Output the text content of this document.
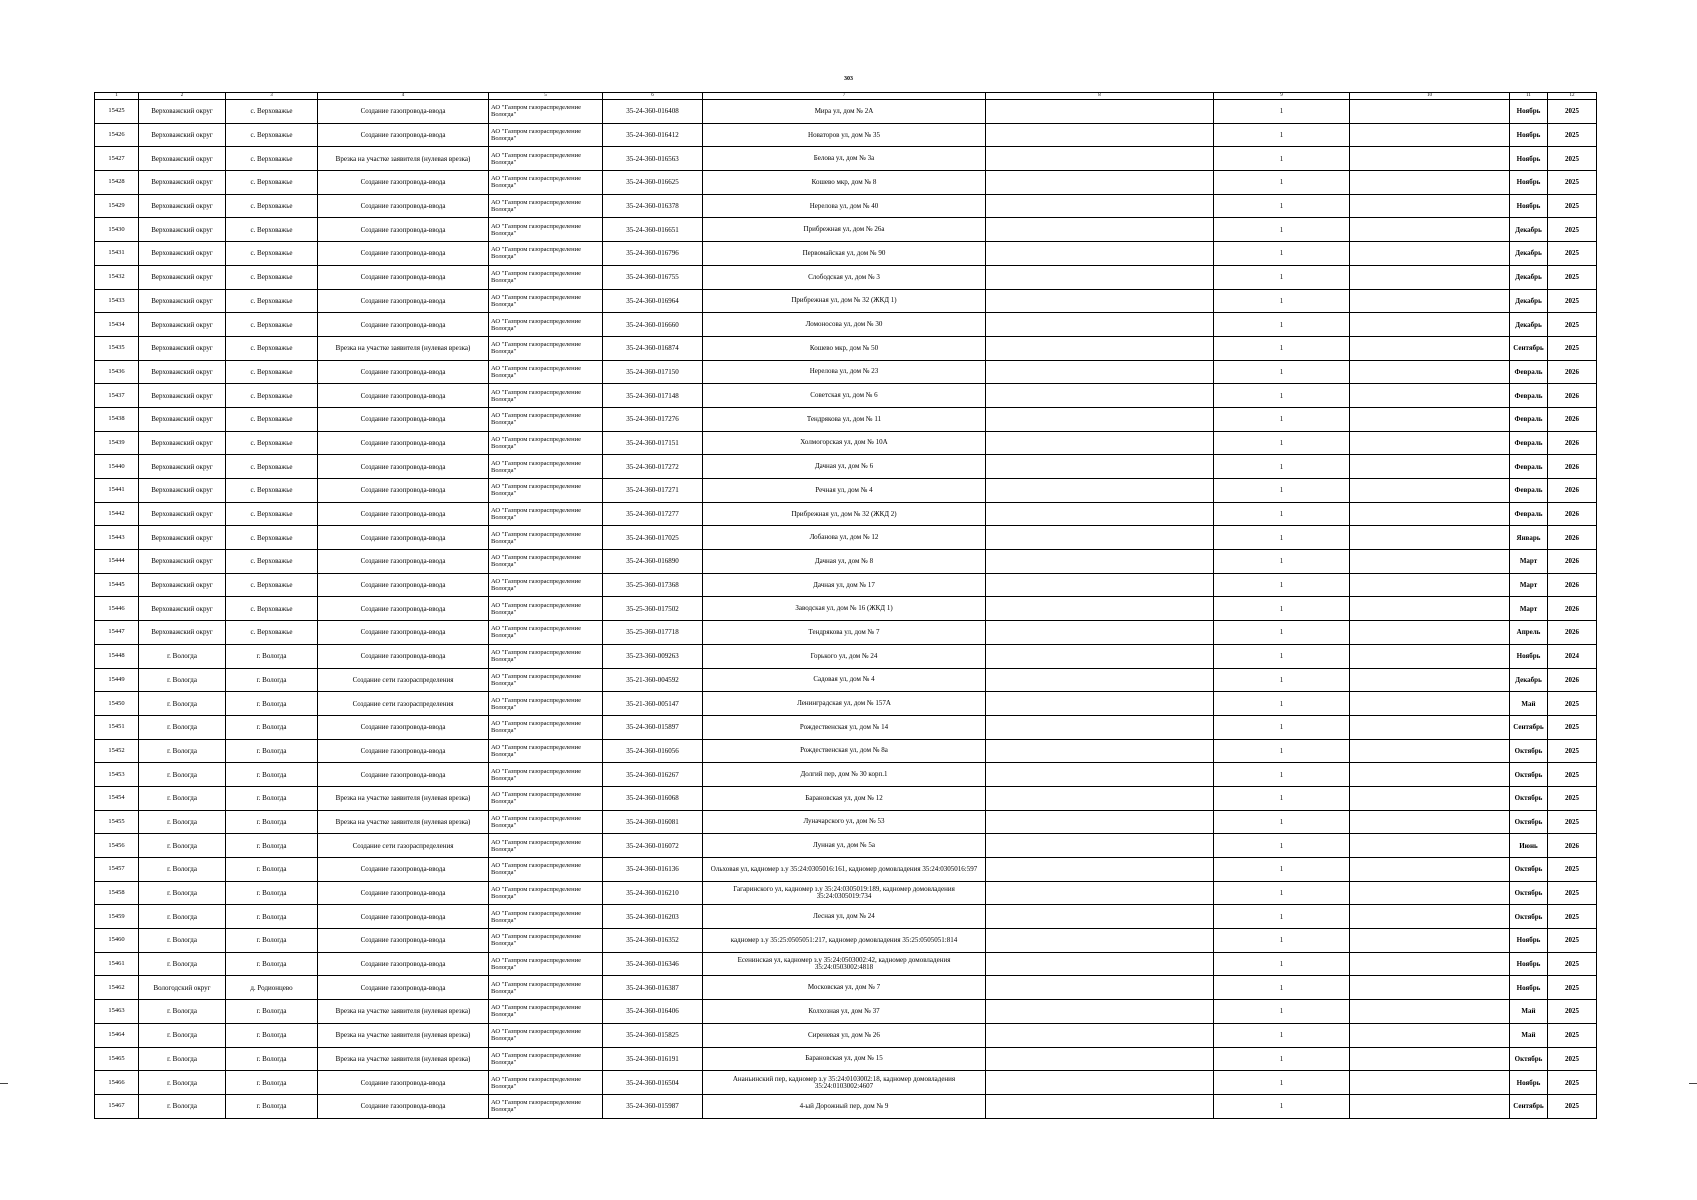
303
1	2	3	4	5	6	7	8	9	10	11	12
15425	Верховажский округ	с. Верховажье	Создание газопровода-ввода	АО "Газпром газораспределение Вологда"	35-24-360-016408	Мира ул, дом № 2А		1		Ноябрь	2025
15426	Верховажский округ	с. Верховажье	Создание газопровода-ввода	АО "Газпром газораспределение Вологда"	35-24-360-016412	Новаторов ул, дом № 35		1		Ноябрь	2025
15427	Верховажский округ	с. Верховажье	Врезка на участке заявителя (нулевая врезка)	АО "Газпром газораспределение Вологда"	35-24-360-016563	Белова ул, дом № 3а		1		Ноябрь	2025
15428	Верховажский округ	с. Верховажье	Создание газопровода-ввода	АО "Газпром газораспределение Вологда"	35-24-360-016625	Кошево мкр, дом № 8		1		Ноябрь	2025
15429	Верховажский округ	с. Верховажье	Создание газопровода-ввода	АО "Газпром газораспределение Вологда"	35-24-360-016378	Нерелова ул, дом № 40		1		Ноябрь	2025
15430	Верховажский округ	с. Верховажье	Создание газопровода-ввода	АО "Газпром газораспределение Вологда"	35-24-360-016651	Прибрежная ул, дом № 26а		1		Декабрь	2025
15431	Верховажский округ	с. Верховажье	Создание газопровода-ввода	АО "Газпром газораспределение Вологда"	35-24-360-016796	Первомайская ул, дом № 90		1		Декабрь	2025
15432	Верховажский округ	с. Верховажье	Создание газопровода-ввода	АО "Газпром газораспределение Вологда"	35-24-360-016755	Слободская ул, дом № 3		1		Декабрь	2025
15433	Верховажский округ	с. Верховажье	Создание газопровода-ввода	АО "Газпром газораспределение Вологда"	35-24-360-016964	Прибрежная ул, дом № 32 (ЖКД 1)		1		Декабрь	2025
15434	Верховажский округ	с. Верховажье	Создание газопровода-ввода	АО "Газпром газораспределение Вологда"	35-24-360-016660	Ломоносова ул, дом № 30		1		Декабрь	2025
15435	Верховажский округ	с. Верховажье	Врезка на участке заявителя (нулевая врезка)	АО "Газпром газораспределение Вологда"	35-24-360-016874	Кошево мкр, дом № 50		1		Сентябрь	2025
15436	Верховажский округ	с. Верховажье	Создание газопровода-ввода	АО "Газпром газораспределение Вологда"	35-24-360-017150	Нерелова ул, дом № 23		1		Февраль	2026
15437	Верховажский округ	с. Верховажье	Создание газопровода-ввода	АО "Газпром газораспределение Вологда"	35-24-360-017148	Советская ул, дом № 6		1		Февраль	2026
15438	Верховажский округ	с. Верховажье	Создание газопровода-ввода	АО "Газпром газораспределение Вологда"	35-24-360-017276	Тендрякова ул, дом № 11		1		Февраль	2026
15439	Верховажский округ	с. Верховажье	Создание газопровода-ввода	АО "Газпром газораспределение Вологда"	35-24-360-017151	Холмогорская ул, дом № 10А		1		Февраль	2026
15440	Верховажский округ	с. Верховажье	Создание газопровода-ввода	АО "Газпром газораспределение Вологда"	35-24-360-017272	Дачная ул, дом № 6		1		Февраль	2026
15441	Верховажский округ	с. Верховажье	Создание газопровода-ввода	АО "Газпром газораспределение Вологда"	35-24-360-017271	Речная ул, дом № 4		1		Февраль	2026
15442	Верховажский округ	с. Верховажье	Создание газопровода-ввода	АО "Газпром газораспределение Вологда"	35-24-360-017277	Прибрежная ул, дом № 32 (ЖКД 2)		1		Февраль	2026
15443	Верховажский округ	с. Верховажье	Создание газопровода-ввода	АО "Газпром газораспределение Вологда"	35-24-360-017025	Лобанова ул, дом № 12		1		Январь	2026
15444	Верховажский округ	с. Верховажье	Создание газопровода-ввода	АО "Газпром газораспределение Вологда"	35-24-360-016890	Дачная ул, дом № 8		1		Март	2026
15445	Верховажский округ	с. Верховажье	Создание газопровода-ввода	АО "Газпром газораспределение Вологда"	35-25-360-017368	Дачная ул, дом № 17		1		Март	2026
15446	Верховажский округ	с. Верховажье	Создание газопровода-ввода	АО "Газпром газораспределение Вологда"	35-25-360-017502	Заводская ул, дом № 16 (ЖКД 1)		1		Март	2026
15447	Верховажский округ	с. Верховажье	Создание газопровода-ввода	АО "Газпром газораспределение Вологда"	35-25-360-017718	Тендрякова ул, дом № 7		1		Апрель	2026
15448	г. Вологда	г. Вологда	Создание газопровода-ввода	АО "Газпром газораспределение Вологда"	35-23-360-009263	Горького ул, дом № 24		1		Ноябрь	2024
15449	г. Вологда	г. Вологда	Создание сети газораспределения	АО "Газпром газораспределение Вологда"	35-21-360-004592	Садовая ул, дом № 4		1		Декабрь	2026
15450	г. Вологда	г. Вологда	Создание сети газораспределения	АО "Газпром газораспределение Вологда"	35-21-360-005147	Ленинградская ул, дом № 157А		1		Май	2025
15451	г. Вологда	г. Вологда	Создание газопровода-ввода	АО "Газпром газораспределение Вологда"	35-24-360-015897	Рождественская ул, дом № 14		1		Сентябрь	2025
15452	г. Вологда	г. Вологда	Создание газопровода-ввода	АО "Газпром газораспределение Вологда"	35-24-360-016056	Рождественская ул, дом № 8а		1		Октябрь	2025
15453	г. Вологда	г. Вологда	Создание газопровода-ввода	АО "Газпром газораспределение Вологда"	35-24-360-016267	Долгий пер, дом № 30 корп.1		1		Октябрь	2025
15454	г. Вологда	г. Вологда	Врезка на участке заявителя (нулевая врезка)	АО "Газпром газораспределение Вологда"	35-24-360-016068	Барановская ул, дом № 12		1		Октябрь	2025
15455	г. Вологда	г. Вологда	Врезка на участке заявителя (нулевая врезка)	АО "Газпром газораспределение Вологда"	35-24-360-016081	Луначарского ул, дом № 53		1		Октябрь	2025
15456	г. Вологда	г. Вологда	Создание сети газораспределения	АО "Газпром газораспределение Вологда"	35-24-360-016072	Лунная ул, дом № 5а		1		Июнь	2026
15457	г. Вологда	г. Вологда	Создание газопровода-ввода	АО "Газпром газораспределение Вологда"	35-24-360-016136	Ольховая ул, кадномер з.у 35:24:0305016:161, кадномер домовладения 35:24:0305016:597		1		Октябрь	2025
15458	г. Вологда	г. Вологда	Создание газопровода-ввода	АО "Газпром газораспределение Вологда"	35-24-360-016210	Гагаринского ул, кадномер з.у 35:24:0305019:189, кадномер домовладения 35:24:0305019:734		1		Октябрь	2025
15459	г. Вологда	г. Вологда	Создание газопровода-ввода	АО "Газпром газораспределение Вологда"	35-24-360-016203	Лесная ул, дом № 24		1		Октябрь	2025
15460	г. Вологда	г. Вологда	Создание газопровода-ввода	АО "Газпром газораспределение Вологда"	35-24-360-016352	кадномер з.у 35:25:0505051:217, кадномер домовладения 35:25:0505051:814		1		Ноябрь	2025
15461	г. Вологда	г. Вологда	Создание газопровода-ввода	АО "Газпром газораспределение Вологда"	35-24-360-016346	Есенинская ул, кадномер з.у 35:24:0503002:42, кадномер домовладения 35:24:0503002:4818		1		Ноябрь	2025
15462	Вологодский округ	д. Родионцево	Создание газопровода-ввода	АО "Газпром газораспределение Вологда"	35-24-360-016387	Московская ул, дом № 7		1		Ноябрь	2025
15463	г. Вологда	г. Вологда	Врезка на участке заявителя (нулевая врезка)	АО "Газпром газораспределение Вологда"	35-24-360-016406	Колхозная ул, дом № 37		1		Май	2025
15464	г. Вологда	г. Вологда	Врезка на участке заявителя (нулевая врезка)	АО "Газпром газораспределение Вологда"	35-24-360-015825	Сиреневая ул, дом № 26		1		Май	2025
15465	г. Вологда	г. Вологда	Врезка на участке заявителя (нулевая врезка)	АО "Газпром газораспределение Вологда"	35-24-360-016191	Барановская ул, дом № 15		1		Октябрь	2025
15466	г. Вологда	г. Вологда	Создание газопровода-ввода	АО "Газпром газораспределение Вологда"	35-24-360-016504	Ананьинский пер, кадномер з.у 35:24:0103002:18, кадномер домовладения 35:24:0103002:4607		1		Ноябрь	2025
15467	г. Вологда	г. Вологда	Создание газопровода-ввода	АО "Газпром газораспределение Вологда"	35-24-360-015987	4-ый Дорожный пер, дом № 9		1		Сентябрь	2025
